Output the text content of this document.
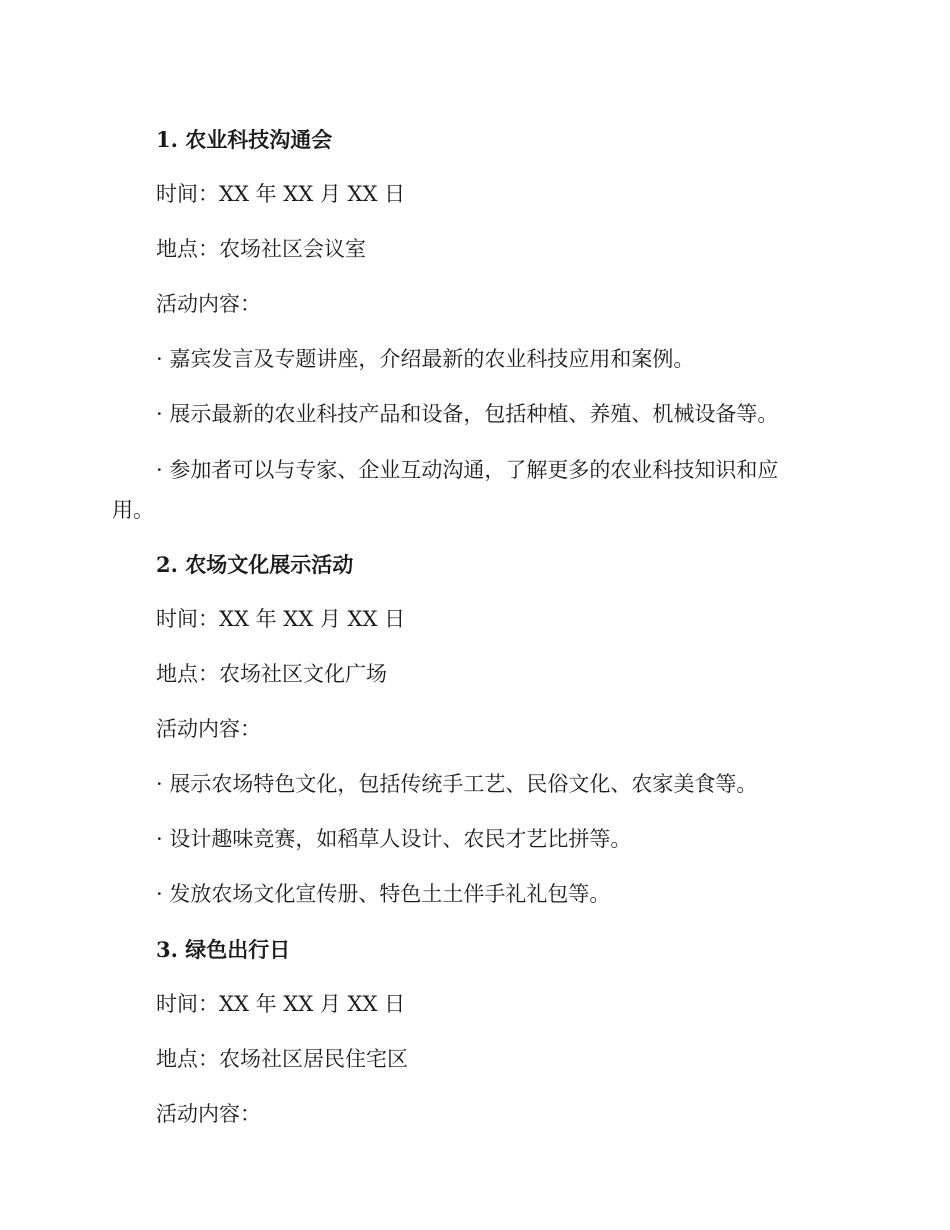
1. 农业科技沟通会

时间：XX 年 XX 月 XX 日

地点：农场社区会议室

活动内容：

· 嘉宾发言及专题讲座，介绍最新的农业科技应用和案例。

· 展示最新的农业科技产品和设备，包括种植、养殖、机械设备等。

· 参加者可以与专家、企业互动沟通，了解更多的农业科技知识和应用。

2. 农场文化展示活动

时间：XX 年 XX 月 XX 日

地点：农场社区文化广场

活动内容：

· 展示农场特色文化，包括传统手工艺、民俗文化、农家美食等。

· 设计趣味竞赛，如稻草人设计、农民才艺比拼等。

· 发放农场文化宣传册、特色土土伴手礼礼包等。

3. 绿色出行日

时间：XX 年 XX 月 XX 日

地点：农场社区居民住宅区

活动内容：
